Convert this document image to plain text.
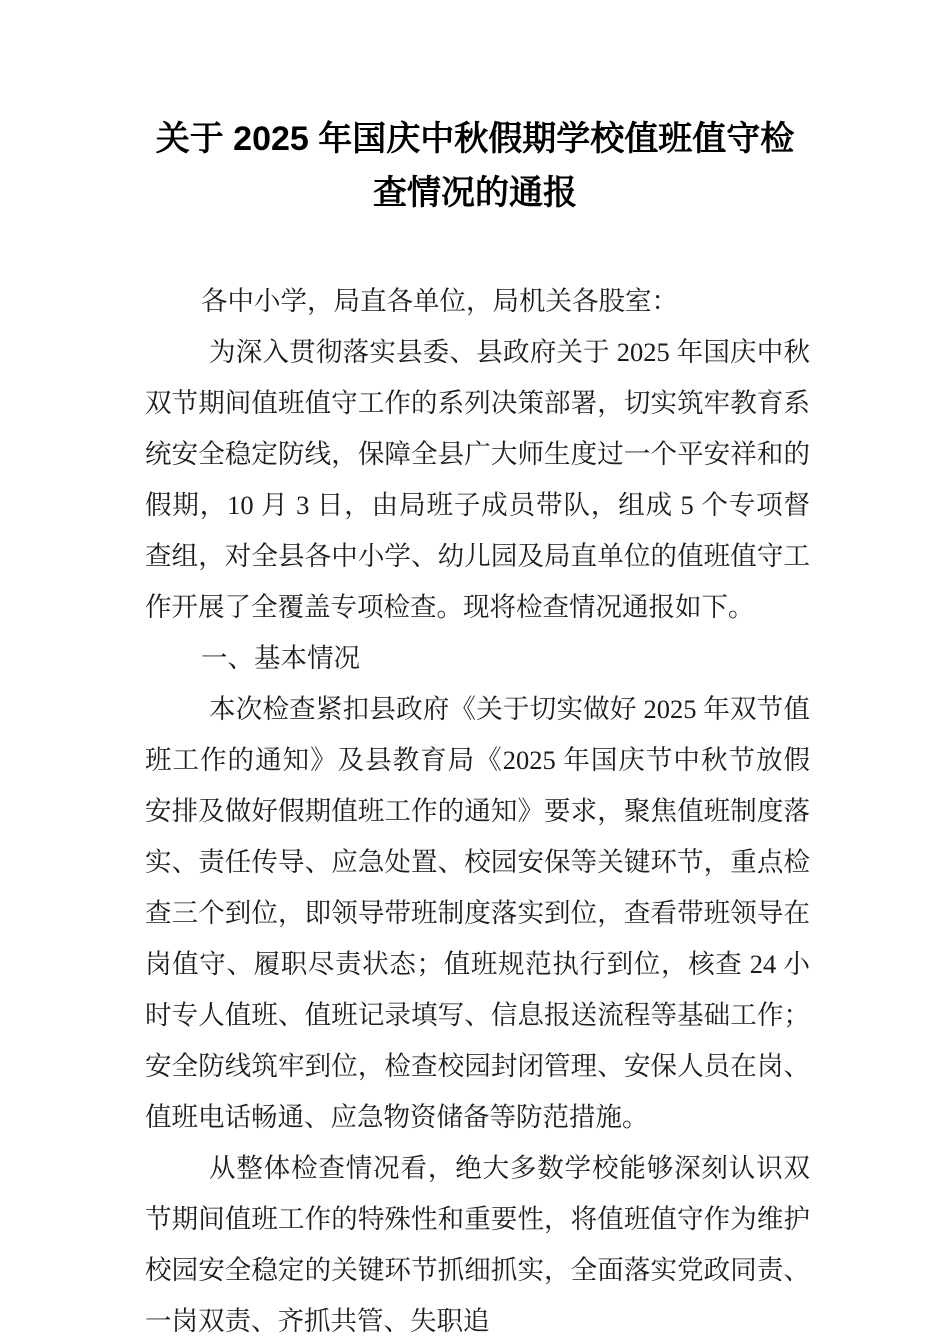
关于 2025 年国庆中秋假期学校值班值守检
查情况的通报

各中小学，局直各单位，局机关各股室：

为深入贯彻落实县委、县政府关于 2025 年国庆中秋双节期间值班值守工作的系列决策部署，切实筑牢教育系统安全稳定防线，保障全县广大师生度过一个平安祥和的假期，10 月 3 日，由局班子成员带队，组成 5 个专项督查组，对全县各中小学、幼儿园及局直单位的值班值守工作开展了全覆盖专项检查。现将检查情况通报如下。

一、基本情况

本次检查紧扣县政府《关于切实做好 2025 年双节值班工作的通知》及县教育局《2025 年国庆节中秋节放假安排及做好假期值班工作的通知》要求，聚焦值班制度落实、责任传导、应急处置、校园安保等关键环节，重点检查三个到位，即领导带班制度落实到位，查看带班领导在岗值守、履职尽责状态；值班规范执行到位，核查 24 小时专人值班、值班记录填写、信息报送流程等基础工作；安全防线筑牢到位，检查校园封闭管理、安保人员在岗、值班电话畅通、应急物资储备等防范措施。

从整体检查情况看，绝大多数学校能够深刻认识双节期间值班工作的特殊性和重要性，将值班值守作为维护校园安全稳定的关键环节抓细抓实，全面落实党政同责、一岗双责、齐抓共管、失职追
